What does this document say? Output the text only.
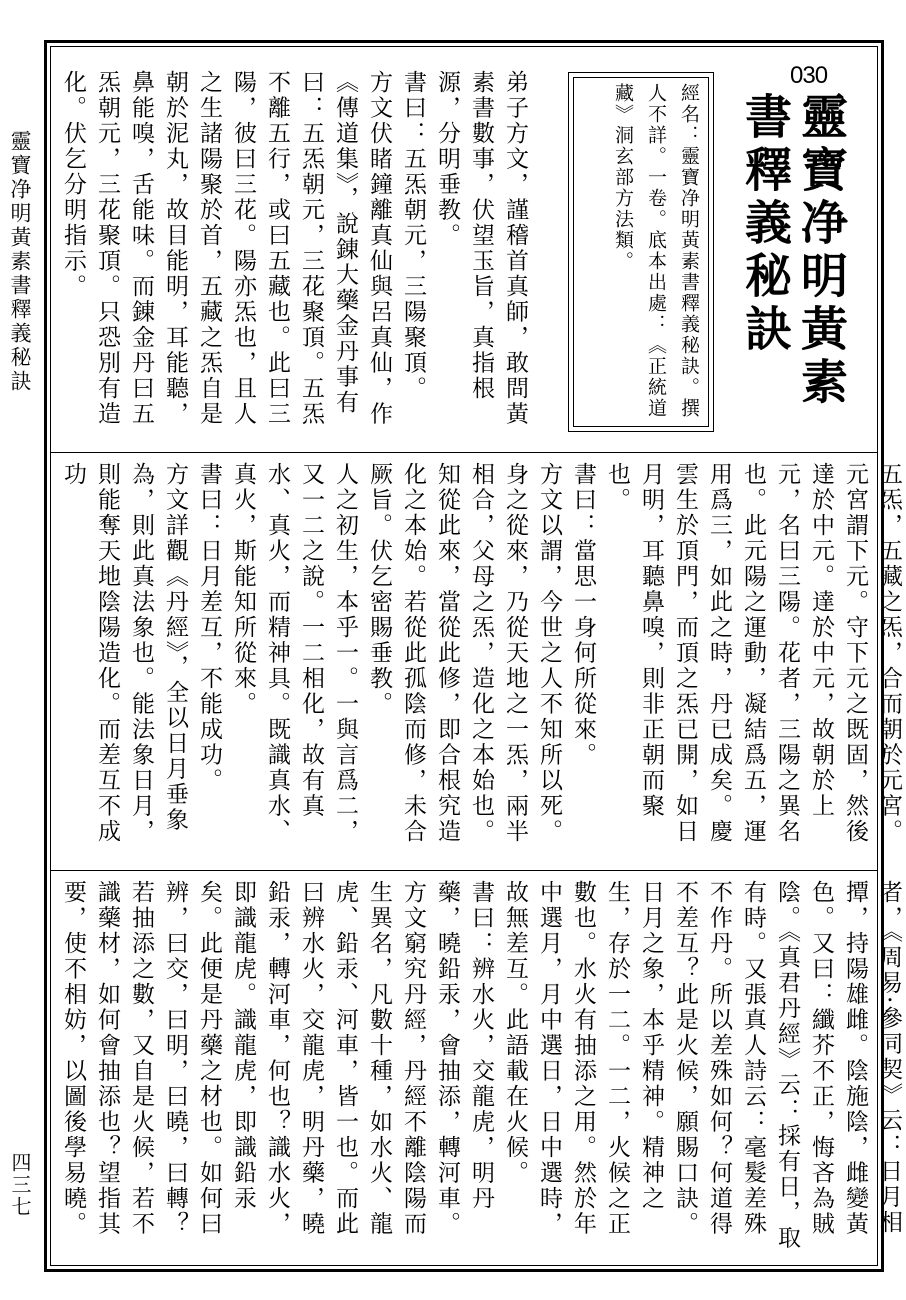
靈寶净明黃素書釋義秘訣
四三七
030
靈寶净明黃素書釋義秘訣
經名：靈寶净明黃素書釋義秘訣。撰人不詳。一卷。底本出處：《正統道藏》洞玄部方法類。
弟子方文，謹稽首真師，敢問黃素書數事，伏望玉旨，真指根源，分明垂教。
書曰：五炁朝元，三陽聚頂。
方文伏睹鐘離真仙與呂真仙，作《傳道集》，說錬大藥金丹事有曰：五炁朝元，三花聚頂。五炁不離五行，或曰五藏也。此曰三陽，彼曰三花。陽亦炁也，且人之生諸陽聚於首，五藏之炁自是朝於泥丸，故目能明，耳能聽，鼻能嗅，舌能味。而錬金丹曰五炁朝元，三花聚頂。只恐別有造化。伏乞分明指示。
五炁，五藏之炁，合而朝於元宮。元宮謂下元。守下元之既固，然後達於中元。達於中元，故朝於上元，名曰三陽。花者，三陽之異名也。此元陽之運動，凝結爲五，運用爲三，如此之時，丹已成矣。慶雲生於頂門，而頂之炁已開，如日月明，耳聽鼻嗅，則非正朝而聚也。
書曰：當思一身何所從來。
方文以謂，今世之人不知所以死。身之從來，乃從天地之一炁，兩半相合，父母之炁，造化之本始也。知從此來，當從此修，即合根究造化之本始。若從此孤陰而修，未合厥旨。伏乞密賜垂教。
人之初生，本乎一。一與言爲二，又一二之說。一二相化，故有真水、真火，而精神具。既識真水、真火，斯能知所從來。
書曰：日月差互，不能成功。
方文詳觀《丹經》，全以日月垂象為，則此真法象也。能法象日月，則能奪天地陰陽造化。而差互不成功
者，《周易·參同契》云：日月相撢，持陽雄雌。陰施陰，雌變黃色。又曰：纖芥不正，悔吝為賊陰。《真君丹經》云：採有日，取有時。又張真人詩云：毫髮差殊不作丹。所以差殊如何？何道得不差互？此是火候，願賜口訣。
日月之象，本乎精神。精神之生，存於一二。一二，火候之正數也。水火有抽添之用。然於年中選月，月中選日，日中選時，故無差互。此語載在火候。
書曰：辨水火，交龍虎，明丹藥，曉鉛汞，會抽添，轉河車。
方文窮究丹經，丹經不離陰陽而生異名，凡數十種，如水火、龍虎、鉛汞、河車，皆一也。而此曰辨水火，交龍虎，明丹藥，曉鉛汞，轉河車，何也？識水火，即識龍虎。識龍虎，即識鉛汞矣。此便是丹藥之材也。如何曰辨，曰交，曰明，曰曉，曰轉？若抽添之數，又自是火候，若不識藥材，如何會抽添也？望指其要，使不相妨，以圖後學易曉。
